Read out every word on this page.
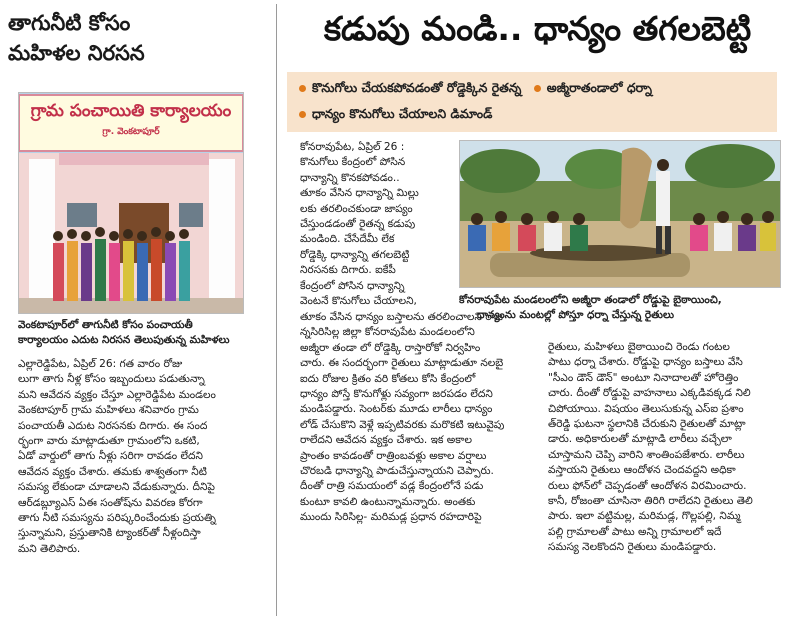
తాగునీటి కోసం
మహిళల నిరసన
గ్రామ పంచాయితి కార్యాలయం
గ్రా. వెంకటాపూర్
వెంకటాపూర్‌లో తాగునీటి కోసం పంచాయతీ
కార్యాలయం ఎదుట నిరసన తెలుపుతున్న మహిళలు
ఎల్లారెడ్డిపేట, ఏప్రిల్ 26: గత వారం రోజు
లుగా తాగు నీళ్ల కోసం ఇబ్బందులు పడుతున్నా
మని ఆవేదన వ్యక్తం చేస్తూ ఎల్లారెడ్డిపేట మండలం
వెంకటాపూర్ గ్రామ మహిళలు శనివారం గ్రామ
పంచాయతీ ఎదుట నిరసనకు దిగారు. ఈ సంద
ర్భంగా వారు మాట్లాడుతూ గ్రామంలోని ఒకటి,
ఏడో వార్డులో తాగు నీళ్లు సరిగా రావడం లేదని
ఆవేదన వ్యక్తం చేశారు. తమకు శాశ్వతంగా నీటి
సమస్య లేకుండా చూడాలని వేడుకున్నారు. దీనిపై
ఆర్‌డబ్ల్యూఎస్ ఏఈ సంతోష్‌ను వివరణ కోరగా
తాగు నీటి సమస్యను పరిష్కరించేందుకు ప్రయత్ని
స్తున్నామని, ప్రస్తుతానికి ట్యాంకర్‌తో నీళ్లందిస్తా
మని తెలిపారు.
కడుపు మండి.. ధాన్యం తగలబెట్టి
కొనుగోలు చేయకపోవడంతో రోడ్డెక్కిన రైతన్న అజ్మీరాతండాలో ధర్నా
ధాన్యం కొనుగోలు చేయాలని డిమాండ్
కోనరావుపేట, ఏప్రిల్ 26 :
కొనుగోలు కేంద్రంలో పోసిన
ధాన్యాన్ని కొనకపోవడం..
తూకం వేసిన ధాన్యాన్ని మిల్లు
లకు తరలించకుండా జాప్యం
చేస్తుండడంతో రైతన్న కడుపు
మండింది. చేసేదేమీ లేక
రోడ్డెక్కి ధాన్యాన్ని తగలబెట్టి
నిరసనకు దిగారు. ఐకేపీ
కేంద్రంలో పోసిన ధాన్యాన్ని
వెంటనే కొనుగోలు చేయాలని,
తూకం వేసిన ధాన్యం బస్తాలను తరలించాలని రాజ
న్నసిరిసిల్ల జిల్లా కోనరావుపేట మండలంలోని
అజ్మీరా తండా లో రోడ్డెక్కి రాస్తారోకో నిర్వహిం
చారు. ఈ సందర్భంగా రైతులు మాట్లాడుతూ నలబై
ఐదు రోజుల క్రితం వరి కోతలు కోసి కేంద్రంలో
ధాన్యం పోస్తే కొనుగోళ్లు సవ్యంగా జరపడం లేదని
మండిపడ్డారు. సెంటర్‌కు మూడు లారీలు ధాన్యం
లోడ్ చేసుకొని వెళ్లే ఇప్పటివరకు మరొకటి ఇటువైపు
రాలేదని ఆవేదన వ్యక్తం చేశారు. ఇక అకాల
ప్రాంతం కావడంతో రాత్రింబవళ్లు అకాల వర్షాలు
చొరబడి ధాన్యాన్ని పాడుచేస్తున్నాయని చెప్పారు.
దీంతో రాత్రి సమయంలో వడ్ల కేంద్రంలోనే పడు
కుంటూ కావలి ఉంటున్నామన్నారు. అంతకు
ముందు సిరిసిల్ల- మరిమడ్ల ప్రధాన రహదారిపై
కోనరావుపేట మండలంలోని అజ్మీరా తండాలో రోడ్డుపై బైఠాయించి,
ధాన్యంను మంటల్లో పోస్తూ ధర్నా చేస్తున్న రైతులు
రైతులు, మహిళలు బైఠాయించి రెండు గంటల
పాటు ధర్నా చేశారు. రోడ్డుపై ధాన్యం బస్తాలు వేసి
"సీఎం డౌన్ డౌన్" అంటూ నినాదాలతో హోరెత్తిం
చారు. దీంతో రోడ్డుపై వాహనాలు ఎక్కడివక్కడ నిలి
చిపోయాయి. విషయం తెలుసుకున్న ఎస్ఐ ప్రశాం
త్‌రెడ్డి ఘటనా స్థలానికి చేరుకుని రైతులతో మాట్లా
డారు. అధికారులతో మాట్లాడి లారీలు వచ్చేలా
చూస్తామని చెప్పి వారిని శాంతింపజేశారు. లారీలు
వస్తాయని రైతులు ఆందోళన చెందవద్దని అధికా
రులు ఫోన్‌లో చెప్పడంతో ఆందోళన విరమించారు.
కానీ, రోజంతా చూసినా తిరిగి రాలేదని రైతులు తెలి
పారు. ఇలా వట్టిమల్ల, మరిమడ్ల, గొల్లపల్లి, నిమ్మ
పల్లి గ్రామాలతో పాటు అన్ని గ్రామాలలో ఇదే
సమస్య నెలకొందని రైతులు మండిపడ్డారు.
